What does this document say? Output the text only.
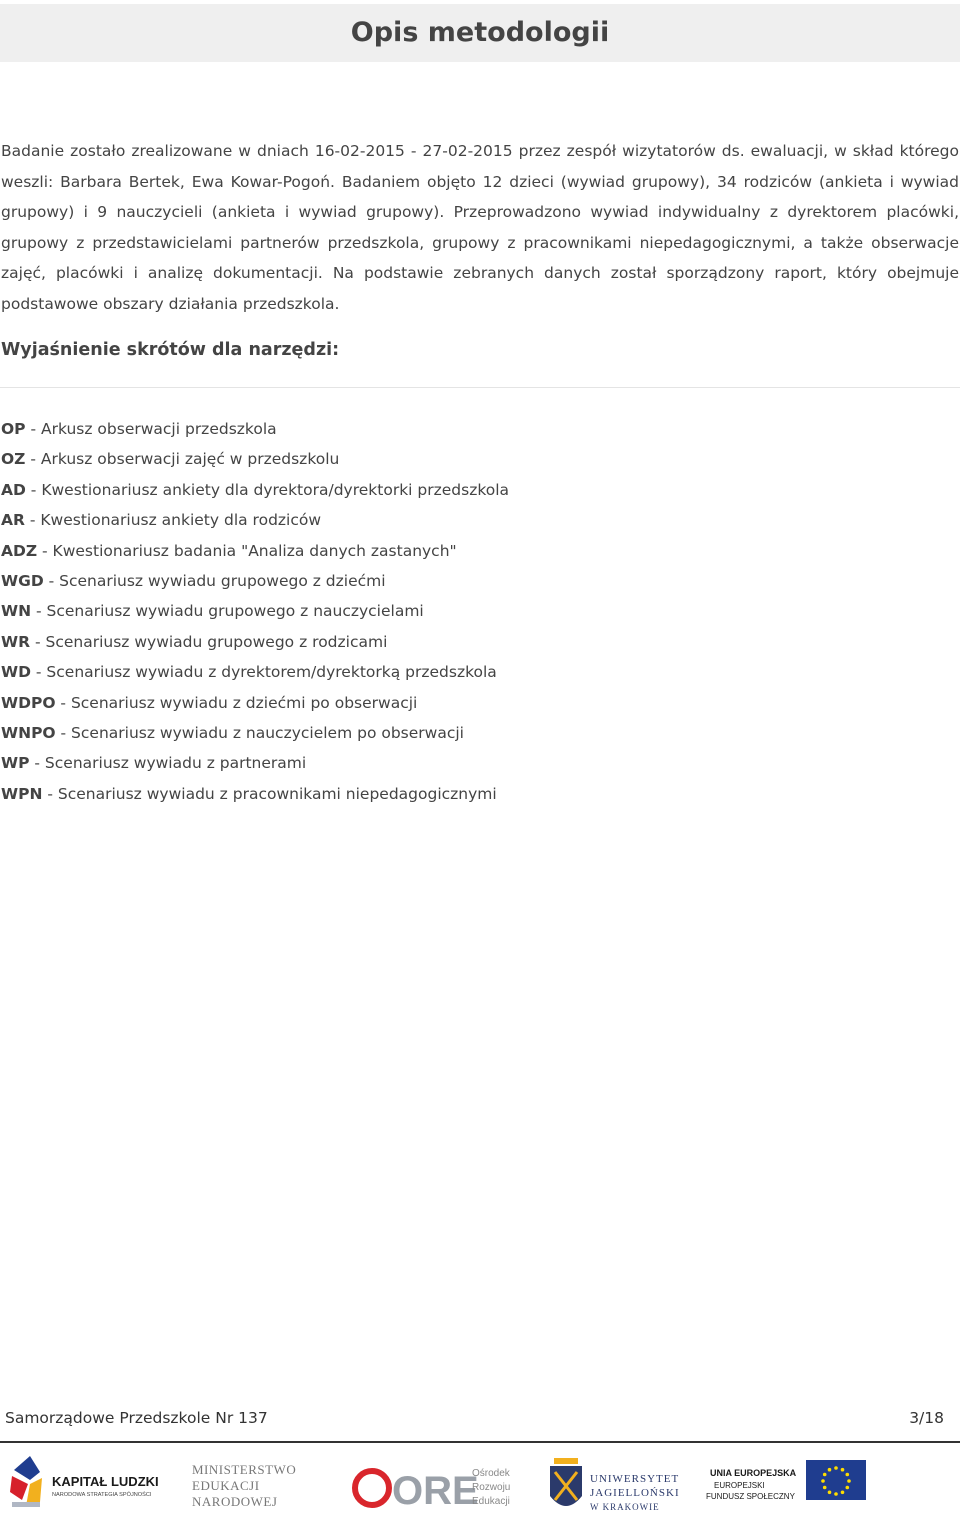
Opis metodologii

Badanie zostało zrealizowane w dniach 16-02-2015 - 27-02-2015 przez zespół wizytatorów ds. ewaluacji, w skład którego weszli: Barbara Bertek, Ewa Kowar-Pogoń. Badaniem objęto 12 dzieci (wywiad grupowy), 34 rodziców (ankieta i wywiad grupowy) i 9 nauczycieli (ankieta i wywiad grupowy). Przeprowadzono wywiad indywidualny z dyrektorem placówki, grupowy z przedstawicielami partnerów przedszkola, grupowy z pracownikami niepedagogicznymi, a także obserwacje zajęć, placówki i analizę dokumentacji. Na podstawie zebranych danych został sporządzony raport, który obejmuje podstawowe obszary działania przedszkola.

Wyjaśnienie skrótów dla narzędzi:
OP - Arkusz obserwacji przedszkola
OZ - Arkusz obserwacji zajęć w przedszkolu
AD - Kwestionariusz ankiety dla dyrektora/dyrektorki przedszkola
AR - Kwestionariusz ankiety dla rodziców
ADZ - Kwestionariusz badania "Analiza danych zastanych"
WGD - Scenariusz wywiadu grupowego z dziećmi
WN - Scenariusz wywiadu grupowego z nauczycielami
WR - Scenariusz wywiadu grupowego z rodzicami
WD - Scenariusz wywiadu z dyrektorem/dyrektorką przedszkola
WDPO - Scenariusz wywiadu z dziećmi po obserwacji
WNPO - Scenariusz wywiadu z nauczycielem po obserwacji
WP - Scenariusz wywiadu z partnerami
WPN - Scenariusz wywiadu z pracownikami niepedagogicznymi
Samorządowe Przedszkole Nr 137	3/18
KAPITAŁ LUDZKI
NARODOWA STRATEGIA SPÓJNOŚCI
MINISTERSTWO
EDUKACJI
NARODOWEJ	ORE
Ośrodek
Rozwoju
Edukacji
UNIWERSYTET
JAGIELLOŃSKI
W KRAKOWIE
UNIA EUROPEJSKA
EUROPEJSKI
FUNDUSZ SPOŁECZNY
